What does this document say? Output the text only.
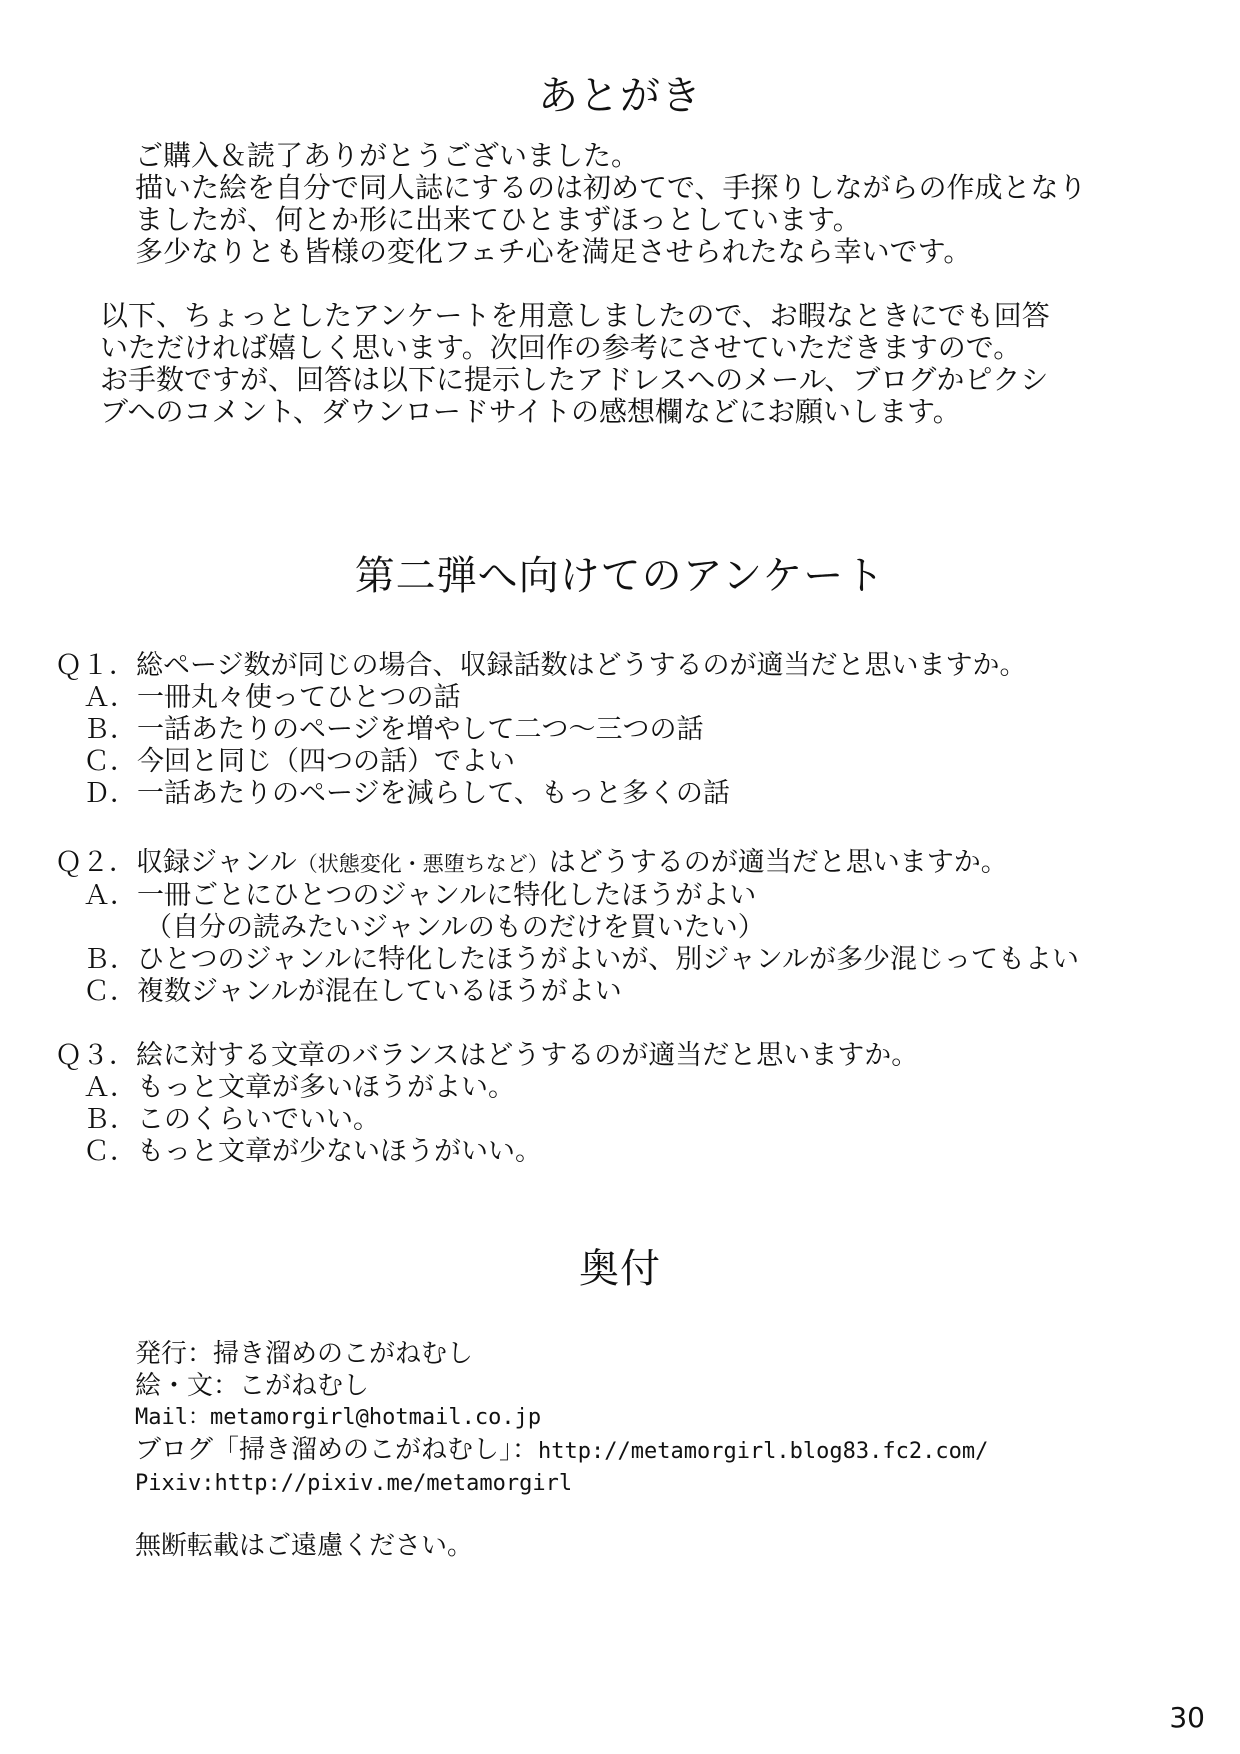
あとがき
ご購入＆読了ありがとうございました。
描いた絵を自分で同人誌にするのは初めてで、手探りしながらの作成となり
ましたが、何とか形に出来てひとまずほっとしています。
多少なりとも皆様の変化フェチ心を満足させられたなら幸いです。
以下、ちょっとしたアンケートを用意しましたので、お暇なときにでも回答
いただければ嬉しく思います。次回作の参考にさせていただきますので。
お手数ですが、回答は以下に提示したアドレスへのメール、ブログかピクシ
ブへのコメント、ダウンロードサイトの感想欄などにお願いします。
第二弾へ向けてのアンケート
Ｑ１．総ページ数が同じの場合、収録話数はどうするのが適当だと思いますか。
Ａ．一冊丸々使ってひとつの話
Ｂ．一話あたりのページを増やして二つ～三つの話
Ｃ．今回と同じ（四つの話）でよい
Ｄ．一話あたりのページを減らして、もっと多くの話
Ｑ２．収録ジャンル（状態変化・悪堕ちなど）はどうするのが適当だと思いますか。
Ａ．一冊ごとにひとつのジャンルに特化したほうがよい
（自分の読みたいジャンルのものだけを買いたい）
Ｂ．ひとつのジャンルに特化したほうがよいが、別ジャンルが多少混じってもよい
Ｃ．複数ジャンルが混在しているほうがよい
Ｑ３．絵に対する文章のバランスはどうするのが適当だと思いますか。
Ａ．もっと文章が多いほうがよい。
Ｂ．このくらいでいい。
Ｃ．もっと文章が少ないほうがいい。
奥付
発行：掃き溜めのこがねむし
絵・文：こがねむし
Mail：metamorgirl@hotmail.co.jp
ブログ「掃き溜めのこがねむし」：http://metamorgirl.blog83.fc2.com/
Pixiv:http://pixiv.me/metamorgirl
無断転載はご遠慮ください。
30
